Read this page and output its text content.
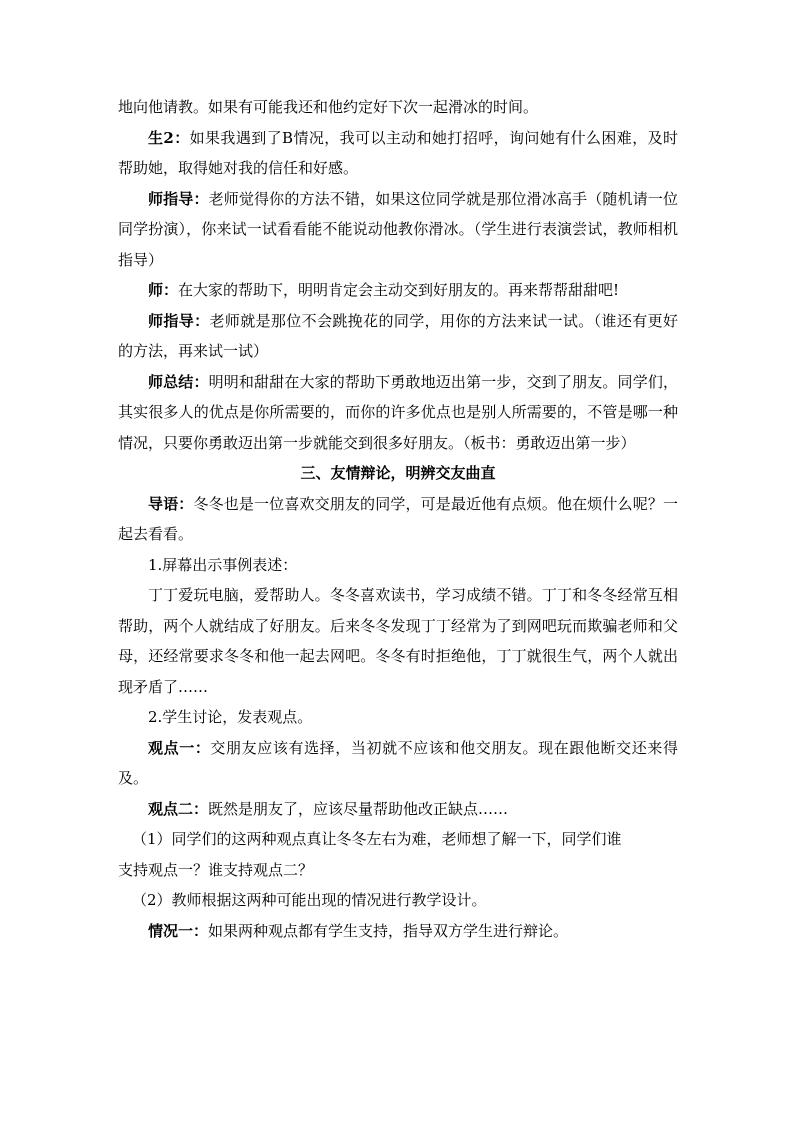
地向他请教。如果有可能我还和他约定好下次一起滑冰的时间。

生2：如果我遇到了B情况，我可以主动和她打招呼，询问她有什么困难，及时帮助她，取得她对我的信任和好感。

师指导：老师觉得你的方法不错，如果这位同学就是那位滑冰高手（随机请一位同学扮演），你来试一试看看能不能说动他教你滑冰。（学生进行表演尝试，教师相机指导）

师：在大家的帮助下，明明肯定会主动交到好朋友的。再来帮帮甜甜吧!

师指导：老师就是那位不会跳挽花的同学，用你的方法来试一试。（谁还有更好的方法，再来试一试）

师总结：明明和甜甜在大家的帮助下勇敢地迈出第一步，交到了朋友。同学们，其实很多人的优点是你所需要的，而你的许多优点也是别人所需要的，不管是哪一种情况，只要你勇敢迈出第一步就能交到很多好朋友。（板书：勇敢迈出第一步）

三、友情辩论，明辨交友曲直

导语：冬冬也是一位喜欢交朋友的同学，可是最近他有点烦。他在烦什么呢？一起去看看。

1.屏幕出示事例表述：

丁丁爱玩电脑，爱帮助人。冬冬喜欢读书，学习成绩不错。丁丁和冬冬经常互相帮助，两个人就结成了好朋友。后来冬冬发现丁丁经常为了到网吧玩而欺骗老师和父母，还经常要求冬冬和他一起去网吧。冬冬有时拒绝他，丁丁就很生气，两个人就出现矛盾了……

2.学生讨论，发表观点。

观点一：交朋友应该有选择，当初就不应该和他交朋友。现在跟他断交还来得及。

观点二：既然是朋友了，应该尽量帮助他改正缺点……

（1）同学们的这两种观点真让冬冬左右为难，老师想了解一下，同学们谁

支持观点一？谁支持观点二？

（2）教师根据这两种可能出现的情况进行教学设计。

情况一：如果两种观点都有学生支持，指导双方学生进行辩论。
